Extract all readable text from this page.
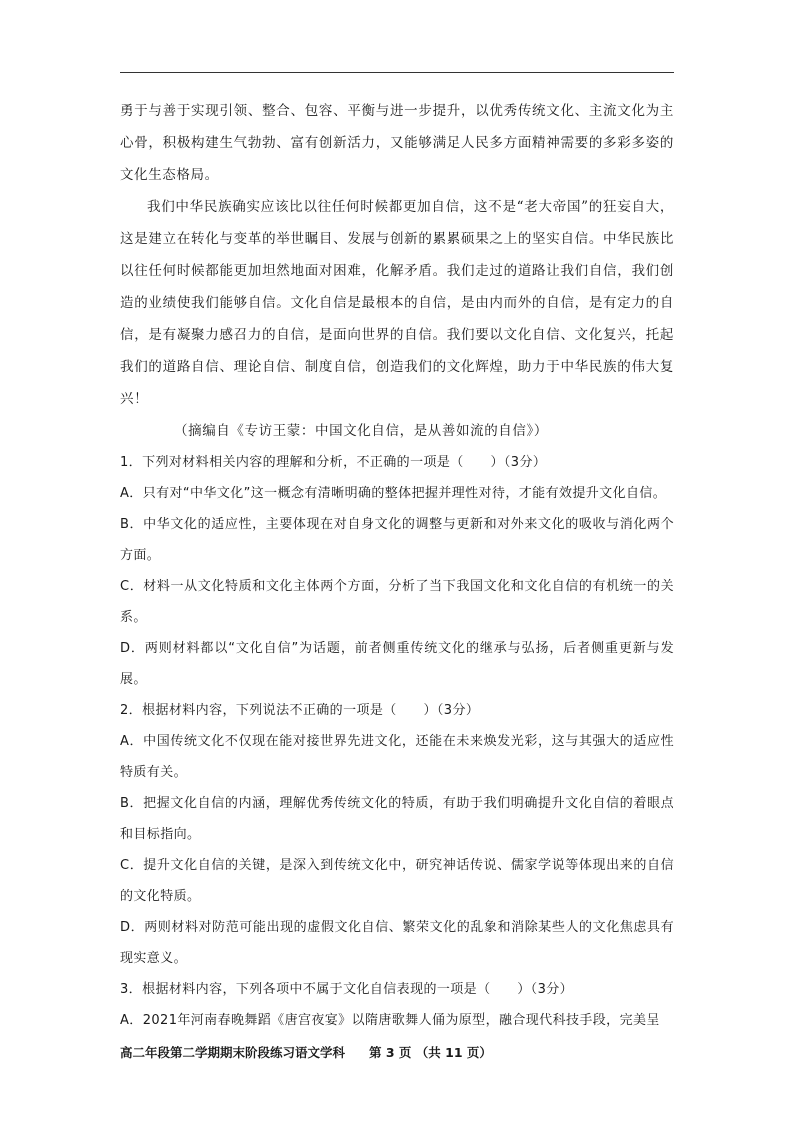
勇于与善于实现引领、整合、包容、平衡与进一步提升，以优秀传统文化、主流文化为主心骨，积极构建生气勃勃、富有创新活力，又能够满足人民多方面精神需要的多彩多姿的文化生态格局。

我们中华民族确实应该比以往任何时候都更加自信，这不是“老大帝国”的狂妄自大，这是建立在转化与变革的举世瞩目、发展与创新的累累硕果之上的坚实自信。中华民族比以往任何时候都能更加坦然地面对困难，化解矛盾。我们走过的道路让我们自信，我们创造的业绩使我们能够自信。文化自信是最根本的自信，是由内而外的自信，是有定力的自信，是有凝聚力感召力的自信，是面向世界的自信。我们要以文化自信、文化复兴，托起我们的道路自信、理论自信、制度自信，创造我们的文化辉煌，助力于中华民族的伟大复兴！

（摘编自《专访王蒙：中国文化自信，是从善如流的自信》）

1．下列对材料相关内容的理解和分析，不正确的一项是（　　）（3分）

A．只有对“中华文化”这一概念有清晰明确的整体把握并理性对待，才能有效提升文化自信。

B．中华文化的适应性，主要体现在对自身文化的调整与更新和对外来文化的吸收与消化两个方面。

C．材料一从文化特质和文化主体两个方面，分析了当下我国文化和文化自信的有机统一的关系。

D．两则材料都以“文化自信”为话题，前者侧重传统文化的继承与弘扬，后者侧重更新与发展。

2．根据材料内容，下列说法不正确的一项是（　　）（3分）

A．中国传统文化不仅现在能对接世界先进文化，还能在未来焕发光彩，这与其强大的适应性特质有关。

B．把握文化自信的内涵，理解优秀传统文化的特质，有助于我们明确提升文化自信的着眼点和目标指向。

C．提升文化自信的关键，是深入到传统文化中，研究神话传说、儒家学说等体现出来的自信的文化特质。

D．两则材料对防范可能出现的虚假文化自信、繁荣文化的乱象和消除某些人的文化焦虑具有现实意义。

3．根据材料内容，下列各项中不属于文化自信表现的一项是（　　）（3分）

A．2021年河南春晚舞蹈《唐宫夜宴》以隋唐歌舞人俑为原型，融合现代科技手段，完美呈

高二年段第二学期期末阶段练习语文学科 第 3 页 （共 11 页）
